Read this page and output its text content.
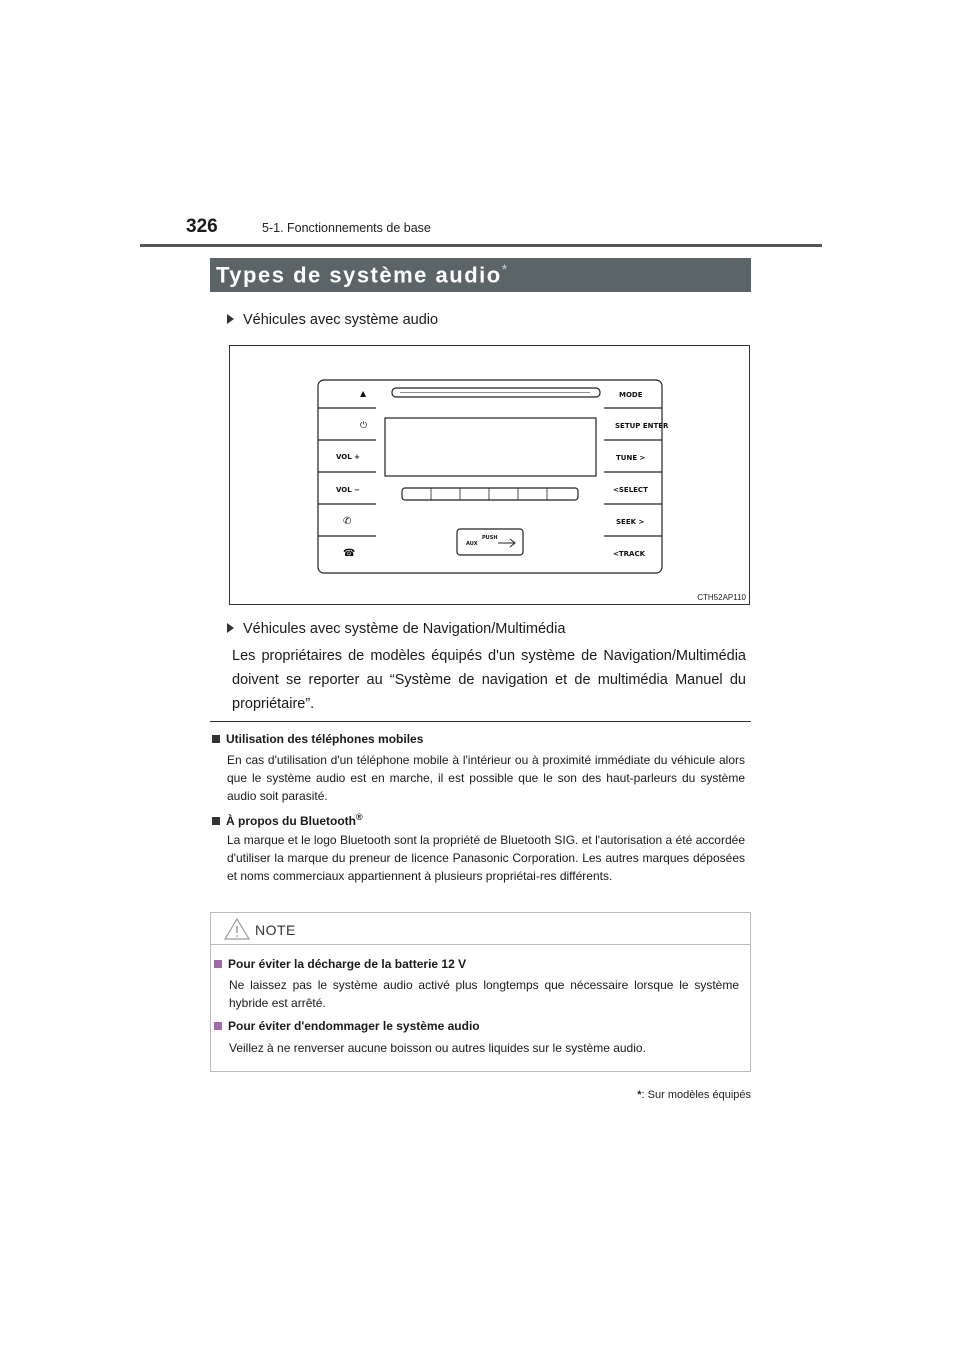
326	5-1. Fonctionnements de base
Types de système audio*
Véhicules avec système audio
▲
⏻
VOL +
VOL −
✆
☎
MODE
SETUP ENTER
TUNE >
<SELECT
SEEK >
<TRACK
PUSH
AUX
CTH52AP110
Véhicules avec système de Navigation/Multimédia
Les propriétaires de modèles équipés d'un système de Navigation/Multimédia doivent se reporter au “Système de navigation et de multimédia Manuel du propriétaire”.
Utilisation des téléphones mobiles
En cas d'utilisation d'un téléphone mobile à l'intérieur ou à proximité immédiate du véhicule alors que le système audio est en marche, il est possible que le son des haut-parleurs du système audio soit parasité.
À propos du Bluetooth®
La marque et le logo Bluetooth sont la propriété de Bluetooth SIG. et l'autorisation a été accordée d'utiliser la marque du preneur de licence Panasonic Corporation. Les autres marques déposées et noms commerciaux appartiennent à plusieurs propriétai-res différents.
NOTE
Pour éviter la décharge de la batterie 12 V
Ne laissez pas le système audio activé plus longtemps que nécessaire lorsque le système hybride est arrêté.
Pour éviter d'endommager le système audio
Veillez à ne renverser aucune boisson ou autres liquides sur le système audio.
*: Sur modèles équipés
